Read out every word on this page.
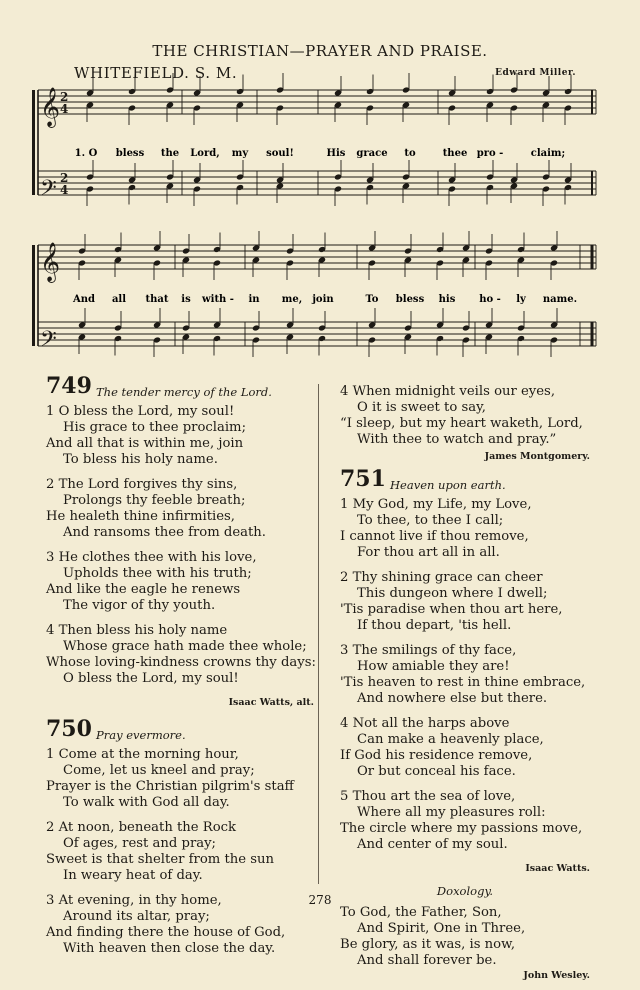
THE CHRISTIAN—PRAYER AND PRAISE.
WHITEFIELD. S. M.	Edward Miller.
𝄞
𝄢
𝄞
𝄢
2
4
2
4
1. O bless the Lord, my soul!	His grace to	thee pro -	claim;
And all that is with - in me, join	To bless his ho - ly name.
749 The tender mercy of the Lord.
1 O bless the Lord, my soul!
His grace to thee proclaim;
And all that is within me, join
To bless his holy name.
2 The Lord forgives thy sins,
Prolongs thy feeble breath;
He healeth thine infirmities,
And ransoms thee from death.
3 He clothes thee with his love,
Upholds thee with his truth;
And like the eagle he renews
The vigor of thy youth.
4 Then bless his holy name
Whose grace hath made thee whole;
Whose loving-kindness crowns thy days:
O bless the Lord, my soul!
Isaac Watts, alt.
750 Pray evermore.
1 Come at the morning hour,
Come, let us kneel and pray;
Prayer is the Christian pilgrim's staff
To walk with God all day.
2 At noon, beneath the Rock
Of ages, rest and pray;
Sweet is that shelter from the sun
In weary heat of day.
3 At evening, in thy home,
Around its altar, pray;
And finding there the house of God,
With heaven then close the day.
4 When midnight veils our eyes,
O it is sweet to say,
“I sleep, but my heart waketh, Lord,
With thee to watch and pray.”
James Montgomery.
751 Heaven upon earth.
1 My God, my Life, my Love,
To thee, to thee I call;
I cannot live if thou remove,
For thou art all in all.
2 Thy shining grace can cheer
This dungeon where I dwell;
'Tis paradise when thou art here,
If thou depart, 'tis hell.
3 The smilings of thy face,
How amiable they are!
'Tis heaven to rest in thine embrace,
And nowhere else but there.
4 Not all the harps above
Can make a heavenly place,
If God his residence remove,
Or but conceal his face.
5 Thou art the sea of love,
Where all my pleasures roll:
The circle where my passions move,
And center of my soul.
Isaac Watts.
Doxology.
To God, the Father, Son,
And Spirit, One in Three,
Be glory, as it was, is now,
And shall forever be.
John Wesley.
278
